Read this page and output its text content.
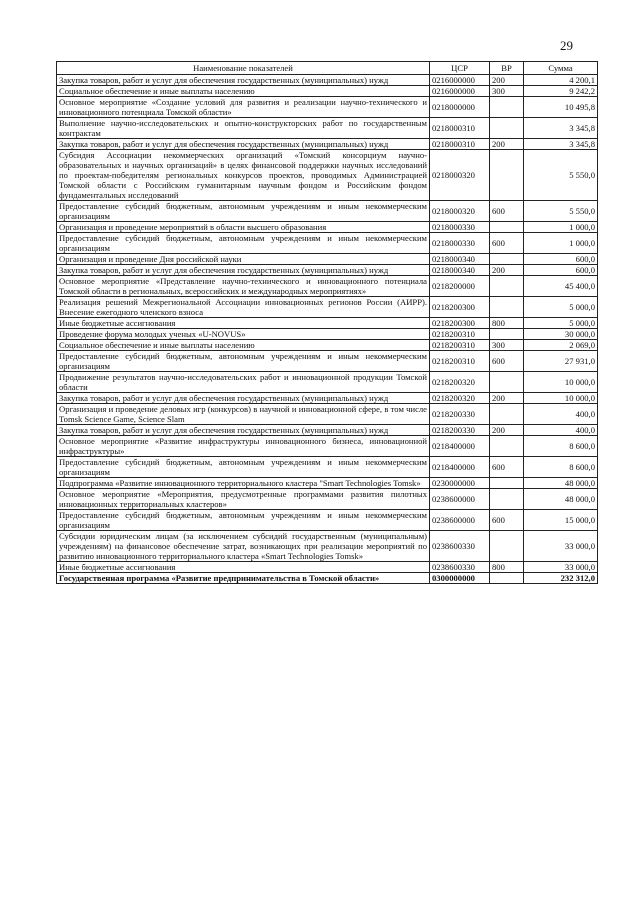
29
Наименование показателей	ЦСР	ВР	Сумма
Закупка товаров, работ и услуг для обеспечения государственных (муниципальных) нужд	0216000000	200	4 200,1
Социальное обеспечение и иные выплаты населению	0216000000	300	9 242,2
Основное мероприятие «Создание условий для развития и реализации научно-технического и инновационного потенциала Томской области»	0218000000		10 495,8
Выполнение научно-исследовательских и опытно-конструкторских работ по государственным контрактам	0218000310		3 345,8
Закупка товаров, работ и услуг для обеспечения государственных (муниципальных) нужд	0218000310	200	3 345,8
Субсидия Ассоциации некоммерческих организаций «Томский консорциум научно-образовательных и научных организаций» в целях финансовой поддержки научных исследований по проектам-победителям региональных конкурсов проектов, проводимых Администрацией Томской области с Российским гуманитарным научным фондом и Российским фондом фундаментальных исследований	0218000320		5 550,0
Предоставление субсидий бюджетным, автономным учреждениям и иным некоммерческим организациям	0218000320	600	5 550,0
Организация и проведение мероприятий в области высшего образования	0218000330		1 000,0
Предоставление субсидий бюджетным, автономным учреждениям и иным некоммерческим организациям	0218000330	600	1 000,0
Организация и проведение Дня российской науки	0218000340		600,0
Закупка товаров, работ и услуг для обеспечения государственных (муниципальных) нужд	0218000340	200	600,0
Основное мероприятие «Представление научно-технического и инновационного потенциала Томской области в региональных, всероссийских и международных мероприятиях»	0218200000		45 400,0
Реализация решений Межрегиональной Ассоциации инновационных регионов России (АИРР). Внесение ежегодного членского взноса	0218200300		5 000,0
Иные бюджетные ассигнования	0218200300	800	5 000,0
Проведение форума молодых ученых «U-NOVUS»	0218200310		30 000,0
Социальное обеспечение и иные выплаты населению	0218200310	300	2 069,0
Предоставление субсидий бюджетным, автономным учреждениям и иным некоммерческим организациям	0218200310	600	27 931,0
Продвижение результатов научно-исследовательских работ и инновационной продукции Томской области	0218200320		10 000,0
Закупка товаров, работ и услуг для обеспечения государственных (муниципальных) нужд	0218200320	200	10 000,0
Организация и проведение деловых игр (конкурсов) в научной и инновационной сфере, в том числе Tomsk Science Game, Science Slam	0218200330		400,0
Закупка товаров, работ и услуг для обеспечения государственных (муниципальных) нужд	0218200330	200	400,0
Основное мероприятие «Развитие инфраструктуры инновационного бизнеса, инновационной инфраструктуры»	0218400000		8 600,0
Предоставление субсидий бюджетным, автономным учреждениям и иным некоммерческим организациям	0218400000	600	8 600,0
Подпрограмма «Развитие инновационного территориального кластера "Smart Technologies Tomsk»	0230000000		48 000,0
Основное мероприятие «Мероприятия, предусмотренные программами развития пилотных инновационных территориальных кластеров»	0238600000		48 000,0
Предоставление субсидий бюджетным, автономным учреждениям и иным некоммерческим организациям	0238600000	600	15 000,0
Субсидии юридическим лицам (за исключением субсидий государственным (муниципальным) учреждениям) на финансовое обеспечение затрат, возникающих при реализации мероприятий по развитию инновационного территориального кластера «Smart Technologies Tomsk»	0238600330		33 000,0
Иные бюджетные ассигнования	0238600330	800	33 000,0
Государственная программа «Развитие предпринимательства в Томской области»	0300000000		232 312,0
